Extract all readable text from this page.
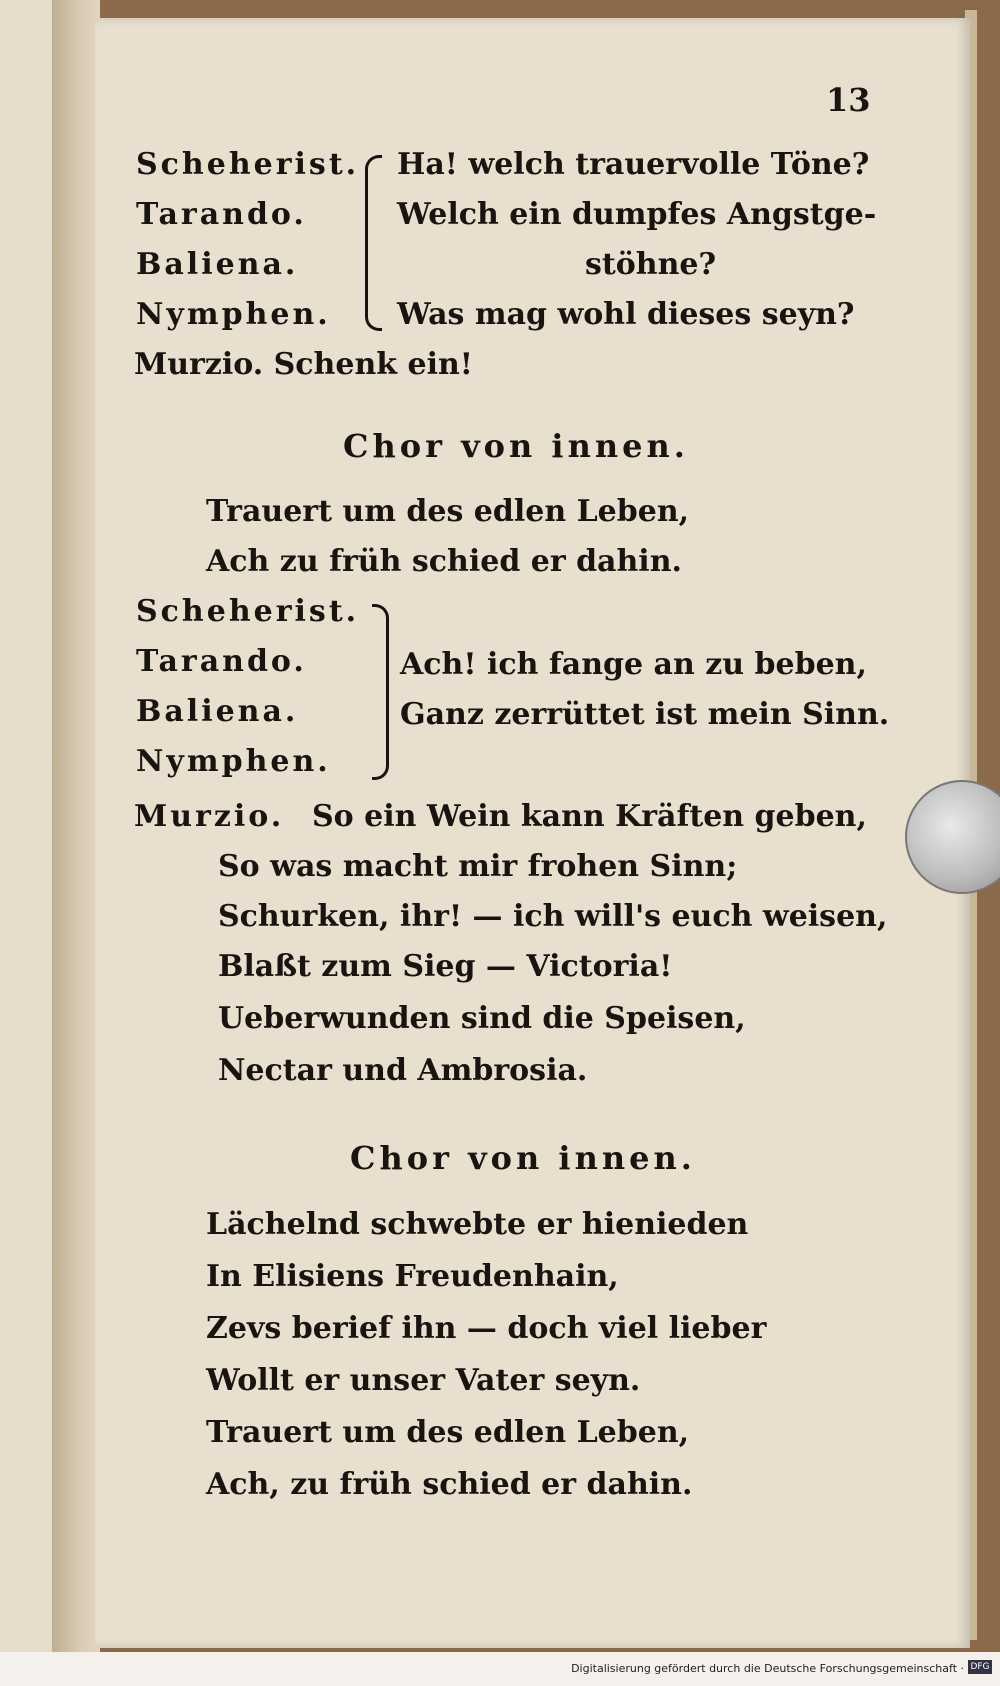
13
Scheherist.
Tarando.
Baliena.
Nymphen.
Ha! welch trauervolle Töne?
Welch ein dumpfes Angstge-
stöhne?
Was mag wohl dieses seyn?
Murzio. Schenk ein!
Chor von innen.
Trauert um des edlen Leben,
Ach zu früh schied er dahin.
Scheherist.
Tarando.
Baliena.
Nymphen.
Ach! ich fange an zu beben,
Ganz zerrüttet ist mein Sinn.
Murzio. So ein Wein kann Kräften geben,
So was macht mir frohen Sinn;
Schurken, ihr! — ich will's euch weisen,
Blaßt zum Sieg — Victoria!
Ueberwunden sind die Speisen,
Nectar und Ambrosia.
Chor von innen.
Lächelnd schwebte er hienieden
In Elisiens Freudenhain,
Zevs berief ihn — doch viel lieber
Wollt er unser Vater seyn.
Trauert um des edlen Leben,
Ach, zu früh schied er dahin.
Digitalisierung gefördert durch die Deutsche Forschungsgemeinschaft · DFG
